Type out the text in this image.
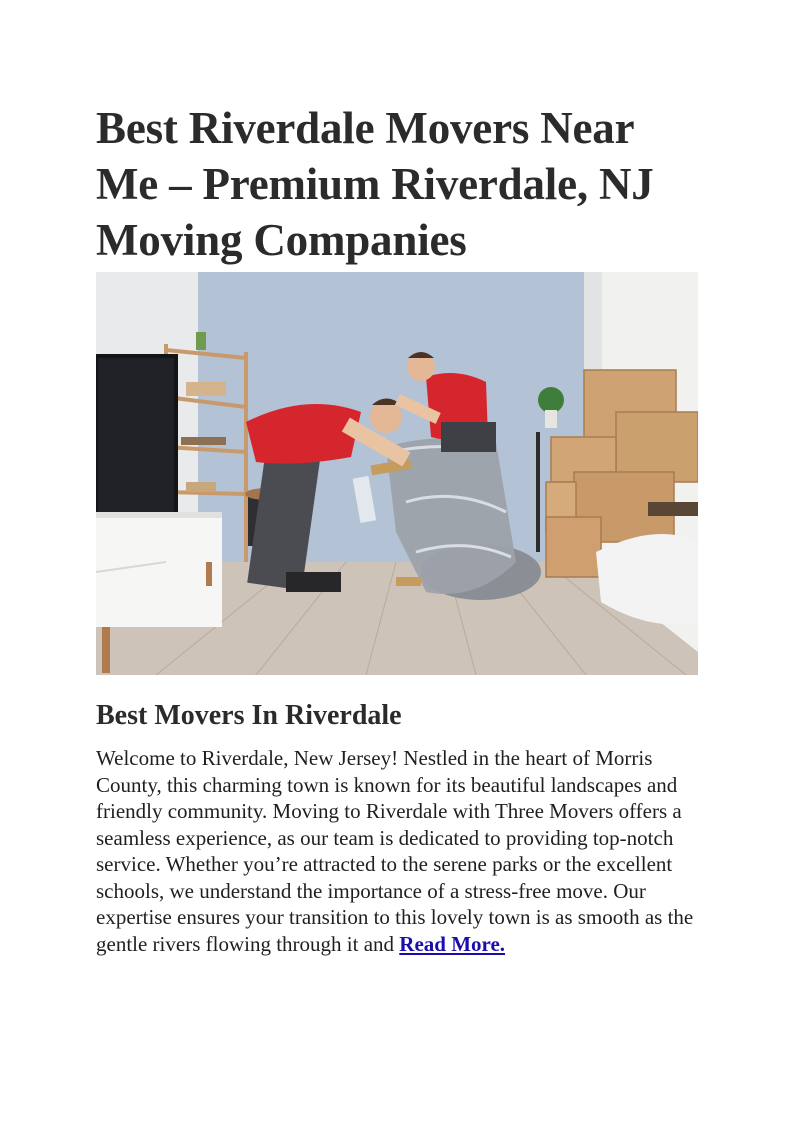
Best Riverdale Movers Near Me – Premium Riverdale, NJ Moving Companies
Best Movers In Riverdale

Welcome to Riverdale, New Jersey! Nestled in the heart of Morris County, this charming town is known for its beautiful landscapes and friendly community. Moving to Riverdale with Three Movers offers a seamless experience, as our team is dedicated to providing top-notch service. Whether you’re attracted to the serene parks or the excellent schools, we understand the importance of a stress-free move. Our expertise ensures your transition to this lovely town is as smooth as the gentle rivers flowing through it and Read More.
